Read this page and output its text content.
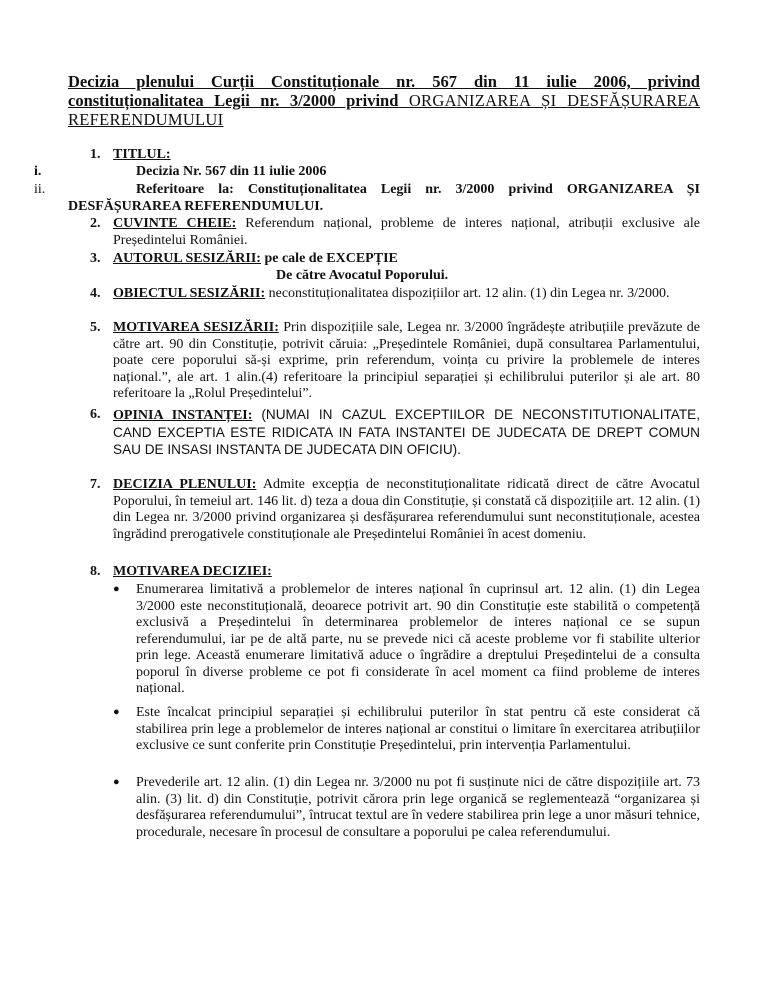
Decizia plenului Curții Constituționale nr. 567 din 11 iulie 2006, privind
constituționalitatea Legii nr. 3/2000 privind ORGANIZAREA ȘI DESFĂȘURAREA
REFERENDUMULUI
1. TITLUL:
i.	Decizia Nr. 567 din 11 iulie 2006
ii.	Referitoare la: Constituționalitatea Legii nr. 3/2000 privind ORGANIZAREA ȘI
DESFĂȘURAREA REFERENDUMULUI.
2. CUVINTE CHEIE: Referendum național, probleme de interes național, atribuții exclusive ale Președintelui României.
3. AUTORUL SESIZĂRII: pe cale de EXCEPȚIE
De către Avocatul Poporului.
4. OBIECTUL SESIZĂRII: neconstituționalitatea dispozițiilor art. 12 alin. (1) din Legea nr. 3/2000.
5. MOTIVAREA SESIZĂRII: Prin dispozițiile sale, Legea nr. 3/2000 îngrădește atribuțiile prevăzute de către art. 90 din Constituție, potrivit căruia: „Președintele României, după consultarea Parlamentului, poate cere poporului să-și exprime, prin referendum, voința cu privire la problemele de interes național.”, ale art. 1 alin.(4) referitoare la principiul separației și echilibrului puterilor și ale art. 80 referitoare la „Rolul Președintelui”.
6. OPINIA INSTANȚEI: (NUMAI IN CAZUL EXCEPTIILOR DE NECONSTITUTIONALITATE, CAND EXCEPTIA ESTE RIDICATA IN FATA INSTANTEI DE JUDECATA DE DREPT COMUN SAU DE INSASI INSTANTA DE JUDECATA DIN OFICIU).
7. DECIZIA PLENULUI: Admite excepția de neconstituționalitate ridicată direct de către Avocatul Poporului, în temeiul art. 146 lit. d) teza a doua din Constituție, și constată că dispozițiile art. 12 alin. (1) din Legea nr. 3/2000 privind organizarea și desfășurarea referendumului sunt neconstituționale, acestea îngrădind prerogativele constituționale ale Președintelui României în acest domeniu.
8. MOTIVAREA DECIZIEI:
● Enumerarea limitativă a problemelor de interes național în cuprinsul art. 12 alin. (1) din Legea 3/2000 este neconstituțională, deoarece potrivit art. 90 din Constituție este stabilită o competență exclusivă a Președintelui în determinarea problemelor de interes național ce se supun referendumului, iar pe de altă parte, nu se prevede nici că aceste probleme vor fi stabilite ulterior prin lege. Această enumerare limitativă aduce o îngrădire a dreptului Președintelui de a consulta poporul în diverse probleme ce pot fi considerate în acel moment ca fiind probleme de interes național.
● Este încalcat principiul separației și echilibrului puterilor în stat pentru că este considerat că stabilirea prin lege a problemelor de interes național ar constitui o limitare în exercitarea atribuțiilor exclusive ce sunt conferite prin Constituție Președintelui, prin intervenția Parlamentului.
● Prevederile art. 12 alin. (1) din Legea nr. 3/2000 nu pot fi susținute nici de către dispozițiile art. 73 alin. (3) lit. d) din Constituție, potrivit cărora prin lege organică se reglementează “organizarea și desfășurarea referendumului”, întrucat textul are în vedere stabilirea prin lege a unor măsuri tehnice, procedurale, necesare în procesul de consultare a poporului pe calea referendumului.
